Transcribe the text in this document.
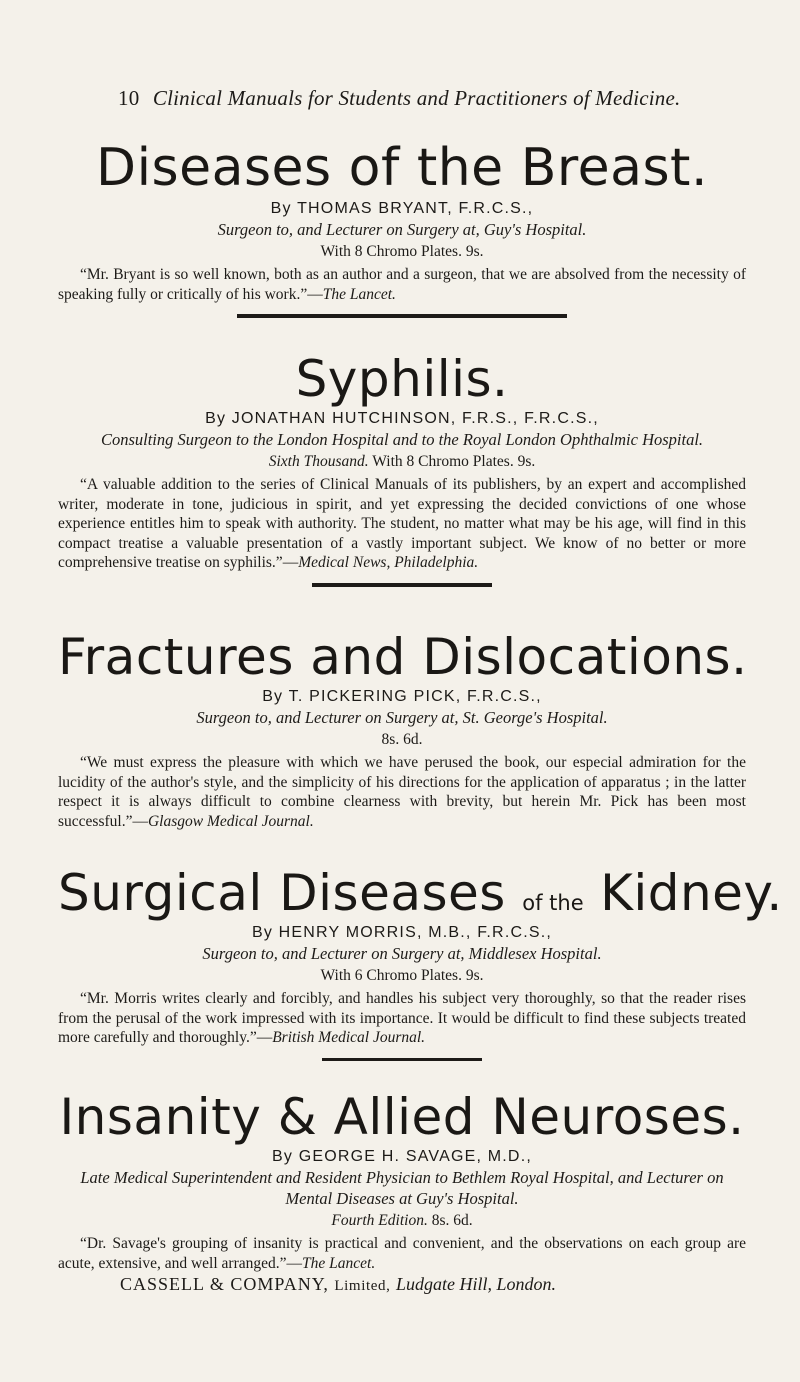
10 Clinical Manuals for Students and Practitioners of Medicine.
Diseases of the Breast.
By THOMAS BRYANT, F.R.C.S.,
Surgeon to, and Lecturer on Surgery at, Guy's Hospital.
With 8 Chromo Plates. 9s.
“Mr. Bryant is so well known, both as an author and a surgeon, that we are absolved from the necessity of speaking fully or critically of his work.”—The Lancet.
Syphilis.
By JONATHAN HUTCHINSON, F.R.S., F.R.C.S.,
Consulting Surgeon to the London Hospital and to the Royal London Ophthalmic Hospital.
Sixth Thousand. With 8 Chromo Plates. 9s.
“A valuable addition to the series of Clinical Manuals of its publishers, by an expert and accomplished writer, moderate in tone, judicious in spirit, and yet expressing the decided convictions of one whose experience entitles him to speak with authority. The student, no matter what may be his age, will find in this compact treatise a valuable presentation of a vastly important subject. We know of no better or more comprehensive treatise on syphilis.”—Medical News, Philadelphia.
Fractures and Dislocations.
By T. PICKERING PICK, F.R.C.S.,
Surgeon to, and Lecturer on Surgery at, St. George's Hospital.
8s. 6d.
“We must express the pleasure with which we have perused the book, our especial admiration for the lucidity of the author's style, and the simplicity of his directions for the application of apparatus ; in the latter respect it is always difficult to combine clearness with brevity, but herein Mr. Pick has been most successful.”—Glasgow Medical Journal.
Surgical Diseases of the Kidney.
By HENRY MORRIS, M.B., F.R.C.S.,
Surgeon to, and Lecturer on Surgery at, Middlesex Hospital.
With 6 Chromo Plates. 9s.
“Mr. Morris writes clearly and forcibly, and handles his subject very thoroughly, so that the reader rises from the perusal of the work impressed with its importance. It would be difficult to find these subjects treated more carefully and thoroughly.”—British Medical Journal.
Insanity & Allied Neuroses.
By GEORGE H. SAVAGE, M.D.,
Late Medical Superintendent and Resident Physician to Bethlem Royal Hospital, and Lecturer on Mental Diseases at Guy's Hospital.
Fourth Edition. 8s. 6d.
“Dr. Savage's grouping of insanity is practical and convenient, and the observations on each group are acute, extensive, and well arranged.”—The Lancet.
CASSELL & COMPANY, Limited, Ludgate Hill, London.
